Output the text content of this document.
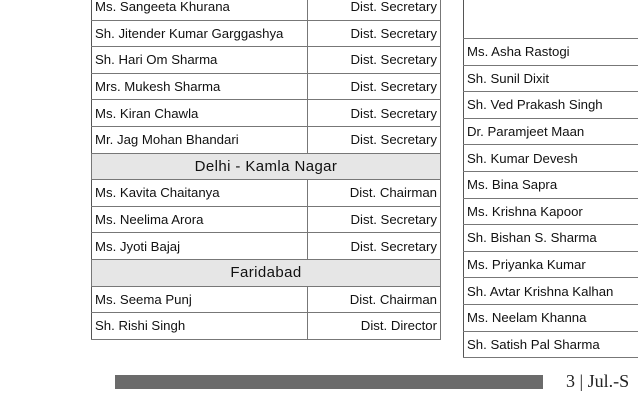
Ms. Sangeeta Khurana	Dist. Secretary
Sh. Jitender Kumar Garggashya	Dist. Secretary
Sh. Hari Om Sharma	Dist. Secretary
Mrs. Mukesh Sharma	Dist. Secretary
Ms. Kiran Chawla	Dist. Secretary
Mr. Jag Mohan Bhandari	Dist. Secretary
Delhi - Kamla Nagar	
Ms. Kavita Chaitanya	Dist. Chairman
Ms. Neelima Arora	Dist. Secretary
Ms. Jyoti Bajaj	Dist. Secretary
Faridabad	
Ms. Seema Punj	Dist. Chairman
Sh. Rishi Singh	Dist. Director

Ms. Asha Rastogi
Sh. Sunil Dixit
Sh. Ved Prakash Singh
Dr. Paramjeet Maan
Sh. Kumar Devesh
Ms. Bina Sapra
Ms. Krishna Kapoor
Sh. Bishan S. Sharma
Ms. Priyanka Kumar
Sh. Avtar Krishna Kalhan
Ms. Neelam Khanna
Sh. Satish Pal Sharma
3 | Jul.-S
